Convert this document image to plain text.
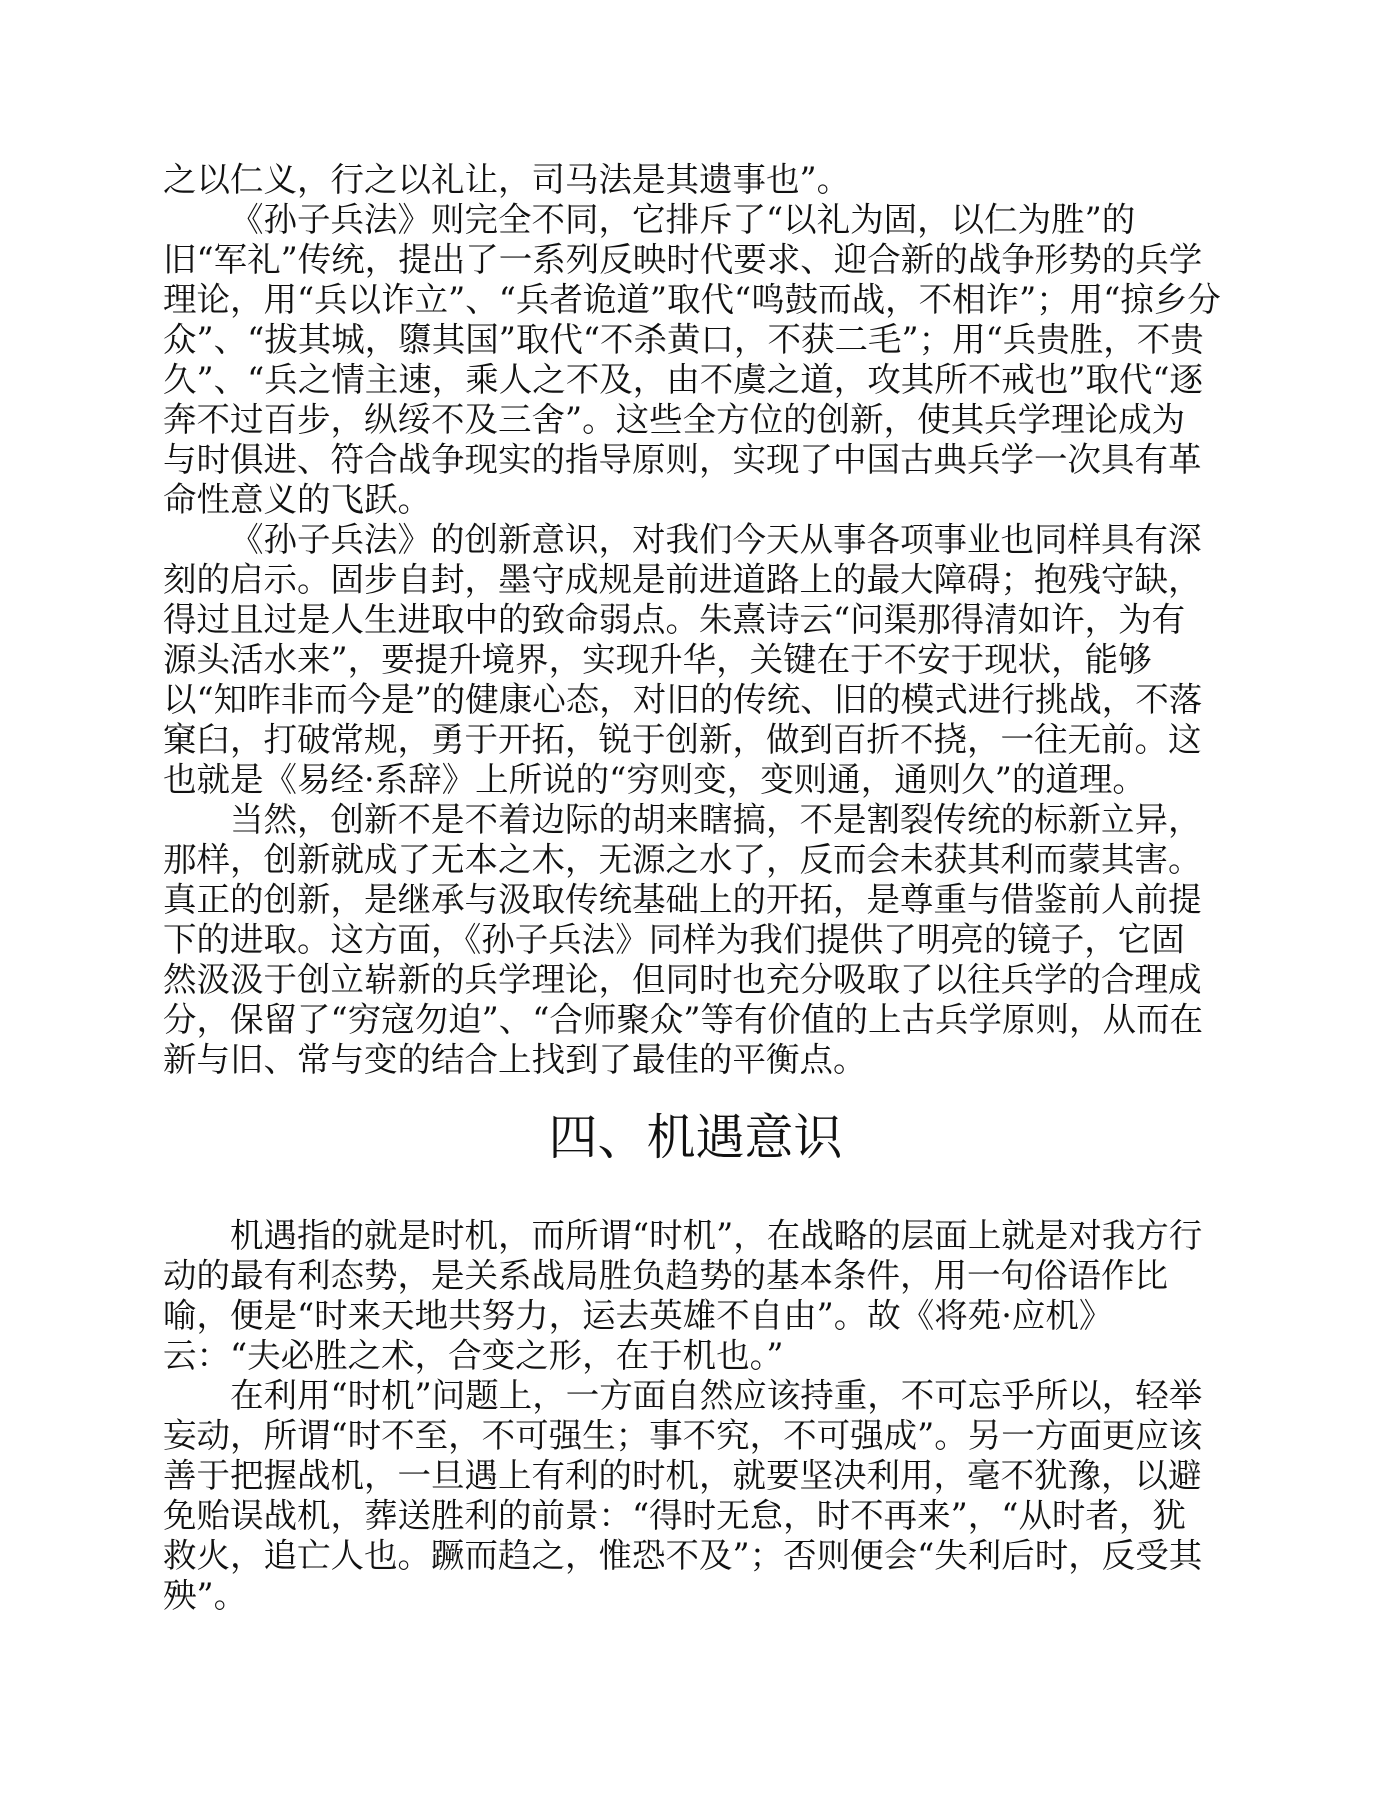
之以仁义，行之以礼让，司马法是其遗事也”。
《孙子兵法》则完全不同，它排斥了“以礼为固，以仁为胜”的
旧“军礼”传统，提出了一系列反映时代要求、迎合新的战争形势的兵学
理论，用“兵以诈立”、“兵者诡道”取代“鸣鼓而战，不相诈”；用“掠乡分
众”、“拔其城，隳其国”取代“不杀黄口，不获二毛”；用“兵贵胜，不贵
久”、“兵之情主速，乘人之不及，由不虞之道，攻其所不戒也”取代“逐
奔不过百步，纵绥不及三舍”。这些全方位的创新，使其兵学理论成为
与时俱进、符合战争现实的指导原则，实现了中国古典兵学一次具有革
命性意义的飞跃。
《孙子兵法》的创新意识，对我们今天从事各项事业也同样具有深
刻的启示。固步自封，墨守成规是前进道路上的最大障碍；抱残守缺，
得过且过是人生进取中的致命弱点。朱熹诗云“问渠那得清如许，为有
源头活水来”，要提升境界，实现升华，关键在于不安于现状，能够
以“知昨非而今是”的健康心态，对旧的传统、旧的模式进行挑战，不落
窠臼，打破常规，勇于开拓，锐于创新，做到百折不挠，一往无前。这
也就是《易经·系辞》上所说的“穷则变，变则通，通则久”的道理。
当然，创新不是不着边际的胡来瞎搞，不是割裂传统的标新立异，
那样，创新就成了无本之木，无源之水了，反而会未获其利而蒙其害。
真正的创新，是继承与汲取传统基础上的开拓，是尊重与借鉴前人前提
下的进取。这方面，《孙子兵法》同样为我们提供了明亮的镜子，它固
然汲汲于创立崭新的兵学理论，但同时也充分吸取了以往兵学的合理成
分，保留了“穷寇勿迫”、“合师聚众”等有价值的上古兵学原则，从而在
新与旧、常与变的结合上找到了最佳的平衡点。
四、机遇意识
机遇指的就是时机，而所谓“时机”，在战略的层面上就是对我方行
动的最有利态势，是关系战局胜负趋势的基本条件，用一句俗语作比
喻，便是“时来天地共努力，运去英雄不自由”。故《将苑·应机》
云：“夫必胜之术，合变之形，在于机也。”
在利用“时机”问题上，一方面自然应该持重，不可忘乎所以，轻举
妄动，所谓“时不至，不可强生；事不究，不可强成”。另一方面更应该
善于把握战机，一旦遇上有利的时机，就要坚决利用，毫不犹豫，以避
免贻误战机，葬送胜利的前景：“得时无怠，时不再来”，“从时者，犹
救火，追亡人也。蹶而趋之，惟恐不及”；否则便会“失利后时，反受其
殃”。
